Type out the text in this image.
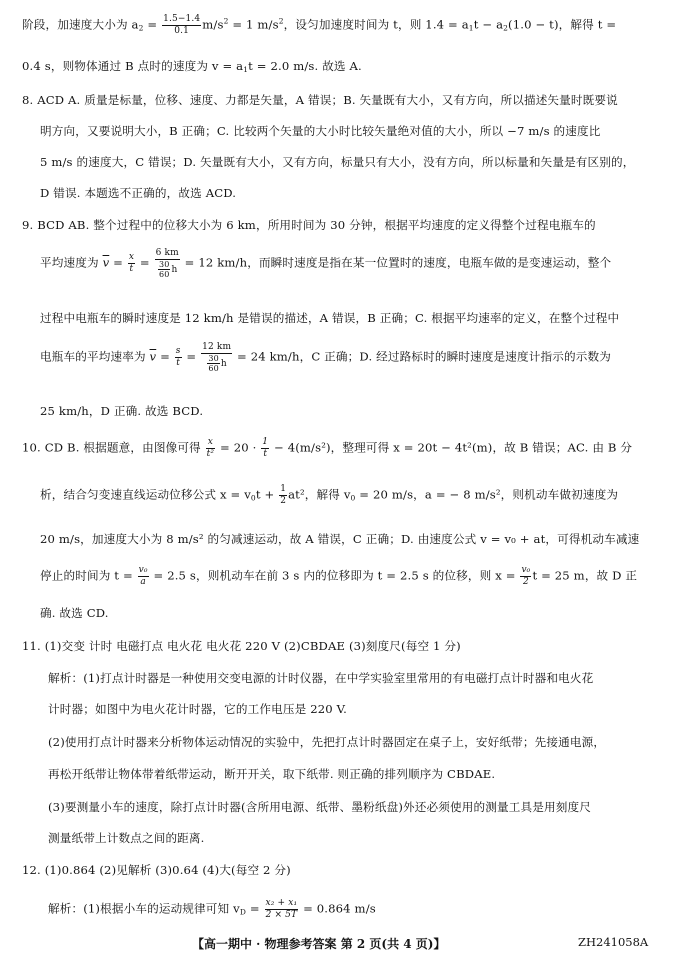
阶段，加速度大小为 $a_2 = \frac{1.5-1.4}{0.1} m/s^2 = 1$ $m/s^2$，设匀加速度时间为 t，则 $1.4 = a_1t - a_2(1.0 - t)$，解得 t =
0.4 s，则物体通过 B 点时的速度为 $v = a_1t = 2.0$ m/s. 故选 A.
8. ACD A. 质量是标量，位移、速度、力都是矢量，A 错误；B. 矢量既有大小，又有方向，所以描述矢量时既要说
明方向，又要说明大小，B 正确；C. 比较两个矢量的大小时比较矢量绝对值的大小，所以 −7 m/s 的速度比
5 m/s 的速度大，C 错误；D. 矢量既有大小，又有方向，标量只有大小，没有方向，所以标量和矢量是有区别的，
D 错误. 本题选不正确的，故选 ACD.
9. BCD AB. 整个过程中的位移大小为 6 km，所用时间为 30 分钟，根据平均速度的定义得整个过程电瓶车的
平均速度为 $\overline{v} = \frac{x}{t} = \frac{6 km}{\frac{30}{60} h} = 12$ km/h，而瞬时速度是指在某一位置时的速度，电瓶车做的是变速运动，整个
过程中电瓶车的瞬时速度是 12 km/h 是错误的描述，A 错误，B 正确；C. 根据平均速率的定义，在整个过程中
电瓶车的平均速率为 $\overline{v} = \frac{s}{t} = \frac{12 km}{\frac{30}{60} h} = 24$ km/h，C 正确；D. 经过路标时的瞬时速度是速度计指示的示数为
25 km/h，D 正确. 故选 BCD.
10. CD B. 根据题意，由图像可得 $\frac{x}{\text{t²}} = 20 \cdot \frac{1}{t} - 4(m/s^2)$，整理可得 x = 20t − 4t²(m)，故 B 错误；AC. 由 B 分
析，结合匀变速直线运动位移公式 $x = v_0t + \frac{1}{2} at^2$，解得 $v_0 = 20$ m/s，a = − 8 m/s²，则机动车做初速度为
20 m/s，加速度大小为 8 m/s² 的匀减速运动，故 A 错误，C 正确；D. 由速度公式 v = v₀ + at，可得机动车减速
停止的时间为 $t = \frac{\text{v₀}}{a} = 2.5$ s，则机动车在前 3 s 内的位移即为 t = 2.5 s 的位移，则 $x = \frac{\text{v₀}}{2}$ t = 25 m，故 D 正
确. 故选 CD.
11. (1)交变 计时 电磁打点 电火花 电火花 220 V (2)CBDAE (3)刻度尺(每空 1 分)
解析：(1)打点计时器是一种使用交变电源的计时仪器，在中学实验室里常用的有电磁打点计时器和电火花
计时器；如图中为电火花计时器，它的工作电压是 220 V.
(2)使用打点计时器来分析物体运动情况的实验中，先把打点计时器固定在桌子上，安好纸带；先接通电源，
再松开纸带让物体带着纸带运动，断开开关，取下纸带. 则正确的排列顺序为 CBDAE.
(3)要测量小车的速度，除打点计时器(含所用电源、纸带、墨粉纸盘)外还必须使用的测量工具是用刻度尺
测量纸带上计数点之间的距离.
12. (1)0.864 (2)见解析 (3)0.64 (4)大(每空 2 分)
解析：(1)根据小车的运动规律可知 $v_D = \frac{\text{x₂ + x₁}}{2 \times 5T} = 0.864$ m/s
【高一期中 · 物理参考答案 第 2 页(共 4 页)】	ZH241058A
